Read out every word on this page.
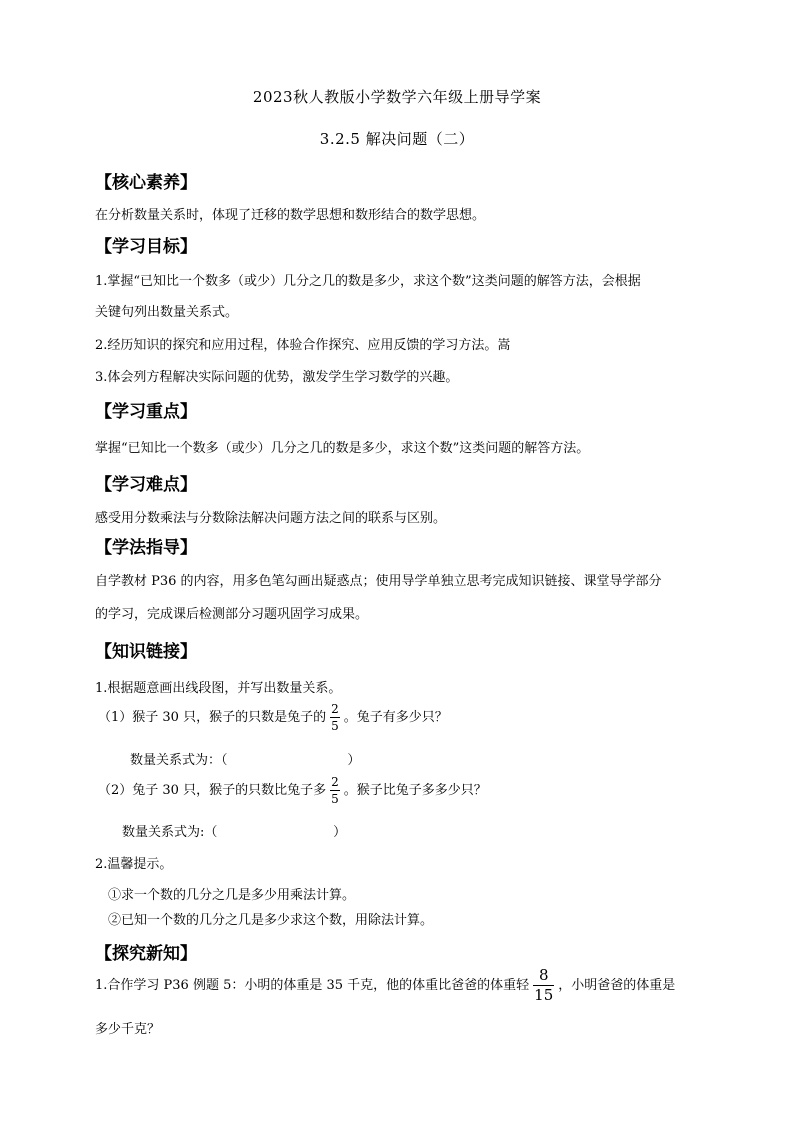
2023秋人教版小学数学六年级上册导学案
3.2.5 解决问题（二）
【核心素养】
在分析数量关系时，体现了迁移的数学思想和数形结合的数学思想。
【学习目标】
1.掌握“已知比一个数多（或少）几分之几的数是多少，求这个数”这类问题的解答方法，会根据
关键句列出数量关系式。
2.经历知识的探究和应用过程，体验合作探究、应用反馈的学习方法。嵩
3.体会列方程解决实际问题的优势，激发学生学习数学的兴趣。
【学习重点】
掌握“已知比一个数多（或少）几分之几的数是多少，求这个数”这类问题的解答方法。
【学习难点】
感受用分数乘法与分数除法解决问题方法之间的联系与区别。
【学法指导】
自学教材 P36 的内容，用多色笔勾画出疑惑点；使用导学单独立思考完成知识链接、课堂导学部分
的学习，完成课后检测部分习题巩固学习成果。
【知识链接】
1.根据题意画出线段图，并写出数量关系。
（1）猴子 30 只，猴子的只数是兔子的 $\frac{2}{5}$ 。兔子有多少只？
数量关系式为：（                             ）
（2）兔子 30 只，猴子的只数比兔子多 $\frac{2}{5}$ 。猴子比兔子多多少只？
数量关系式为:（                            ）
2.温馨提示。
①求一个数的几分之几是多少用乘法计算。
②已知一个数的几分之几是多少求这个数，用除法计算。
【探究新知】
1.合作学习 P36 例题 5：小明的体重是 35 千克，他的体重比爸爸的体重轻 $\frac{8}{15}$ ，小明爸爸的体重是
多少千克？
